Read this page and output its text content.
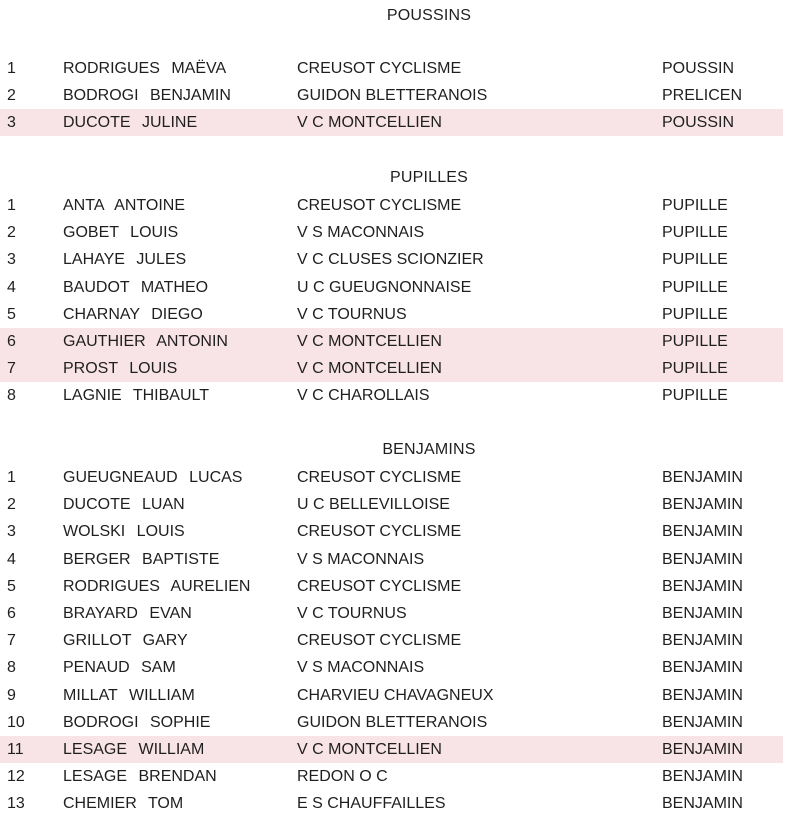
POUSSINS
1	RODRIGUES MAËVA	CREUSOT CYCLISME	POUSSIN
2	BODROGI BENJAMIN	GUIDON BLETTERANOIS	PRELICEN
3	DUCOTE JULINE	V C MONTCELLIEN	POUSSIN
PUPILLES
1	ANTA ANTOINE	CREUSOT CYCLISME	PUPILLE
2	GOBET LOUIS	V S MACONNAIS	PUPILLE
3	LAHAYE JULES	V C CLUSES SCIONZIER	PUPILLE
4	BAUDOT MATHEO	U C GUEUGNONNAISE	PUPILLE
5	CHARNAY DIEGO	V C TOURNUS	PUPILLE
6	GAUTHIER ANTONIN	V C MONTCELLIEN	PUPILLE
7	PROST LOUIS	V C MONTCELLIEN	PUPILLE
8	LAGNIE THIBAULT	V C CHAROLLAIS	PUPILLE
BENJAMINS
1	GUEUGNEAUD LUCAS	CREUSOT CYCLISME	BENJAMIN
2	DUCOTE LUAN	U C BELLEVILLOISE	BENJAMIN
3	WOLSKI LOUIS	CREUSOT CYCLISME	BENJAMIN
4	BERGER BAPTISTE	V S MACONNAIS	BENJAMIN
5	RODRIGUES AURELIEN	CREUSOT CYCLISME	BENJAMIN
6	BRAYARD EVAN	V C TOURNUS	BENJAMIN
7	GRILLOT GARY	CREUSOT CYCLISME	BENJAMIN
8	PENAUD SAM	V S MACONNAIS	BENJAMIN
9	MILLAT WILLIAM	CHARVIEU CHAVAGNEUX	BENJAMIN
10 BODROGI SOPHIE	GUIDON BLETTERANOIS	BENJAMIN
11 LESAGE WILLIAM	V C MONTCELLIEN	BENJAMIN
12 LESAGE BRENDAN	REDON O C	BENJAMIN
13 CHEMIER TOM	E S CHAUFFAILLES	BENJAMIN
